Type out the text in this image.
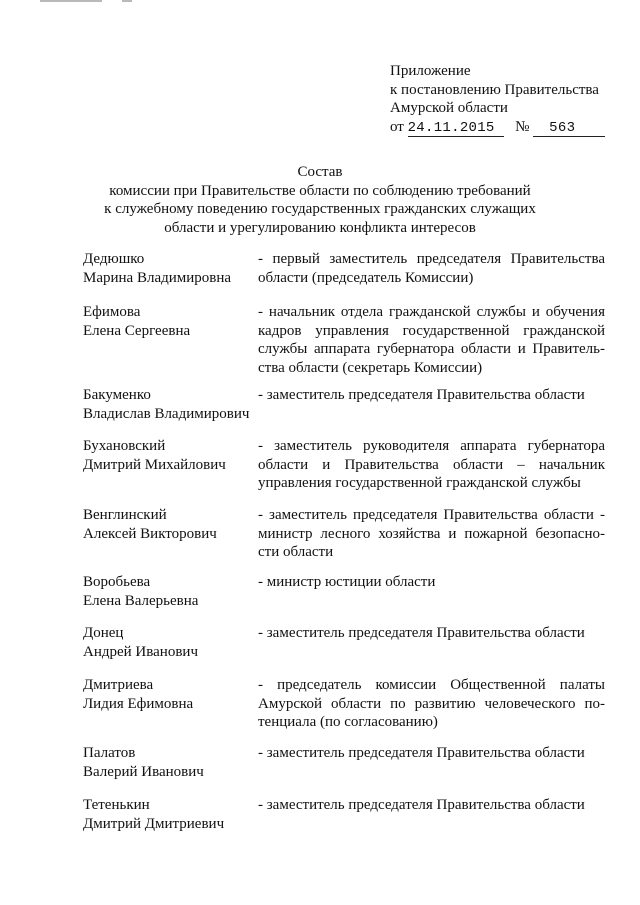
Приложение
к постановлению Правительства
Амурской области
от 24.11.2015 № 563
Состав
комиссии при Правительстве области по соблюдению требований
к служебному поведению государственных гражданских служащих
области и урегулированию конфликта интересов
Дедюшко
Марина Владимировна
- первый заместитель председателя Правительства области (председатель Комиссии)
Ефимова
Елена Сергеевна
- начальник отдела гражданской службы и обучения кадров управления государственной гражданской службы аппарата губернатора области и Правитель-ства области (секретарь Комиссии)
Бакуменко
Владислав Владимирович
- заместитель председателя Правительства области
Бухановский
Дмитрий Михайлович
- заместитель руководителя аппарата губернатора области и Правительства области – начальник управления государственной гражданской службы
Венглинский
Алексей Викторович
- заместитель председателя Правительства области - министр лесного хозяйства и пожарной безопасно-сти области
Воробьева
Елена Валерьевна
- министр юстиции области
Донец
Андрей Иванович
- заместитель председателя Правительства области
Дмитриева
Лидия Ефимовна
- председатель комиссии Общественной палаты Амурской области по развитию человеческого по-тенциала (по согласованию)
Палатов
Валерий Иванович
- заместитель председателя Правительства области
Тетенькин
Дмитрий Дмитриевич
- заместитель председателя Правительства области
